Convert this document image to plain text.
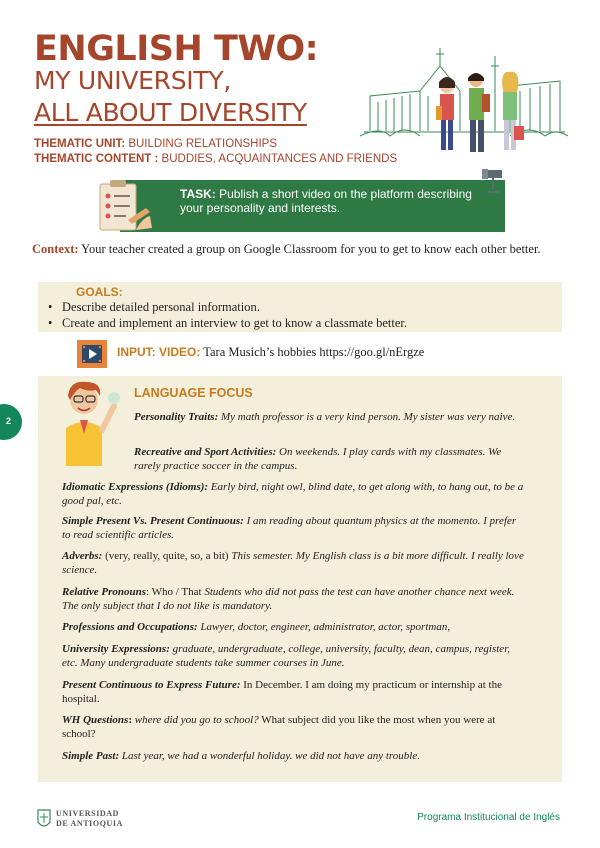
ENGLISH TWO:
MY UNIVERSITY,
ALL ABOUT DIVERSITY
THEMATIC UNIT: BUILDING RELATIONSHIPS
THEMATIC CONTENT : BUDDIES, ACQUAINTANCES AND FRIENDS
TASK: Publish a short video on the platform describing your personality and interests.
Context: Your teacher created a group on Google Classroom for you to get to know each other better.
GOALS:
• Describe detailed personal information.
• Create and implement an interview to get to know a classmate better.
INPUT: VIDEO: Tara Musich’s hobbies https://goo.gl/nErgze
LANGUAGE FOCUS
Personality Traits: My math professor is a very kind person. My sister was very naive.
Recreative and Sport Activities: On weekends. I play cards with my classmates. We rarely practice soccer in the campus.
Idiomatic Expressions (Idioms): Early bird, night owl, blind date, to get along with, to hang out, to be a good pal, etc.
Simple Present Vs. Present Continuous: I am reading about quantum physics at the momento. I prefer to read scientific articles.
Adverbs: (very, really, quite, so, a bit) This semester. My English class is a bit more difficult. I really love science.
Relative Pronouns: Who / That Students who did not pass the test can have another chance next week. The only subject that I do not like is mandatory.
Professions and Occupations: Lawyer, doctor, engineer, administrator, actor, sportman,
University Expressions: graduate, undergraduate, college, university, faculty, dean, campus, register, etc. Many undergraduate students take summer courses in June.
Present Continuous to Express Future: In December. I am doing my practicum or internship at the hospital.
WH Questions: where did you go to school? What subject did you like the most when you were at school?
Simple Past: Last year, we had a wonderful holiday. we did not have any trouble.
2
UNIVERSIDAD
DE ANTIOQUIA
Programa Institucional de Inglés
